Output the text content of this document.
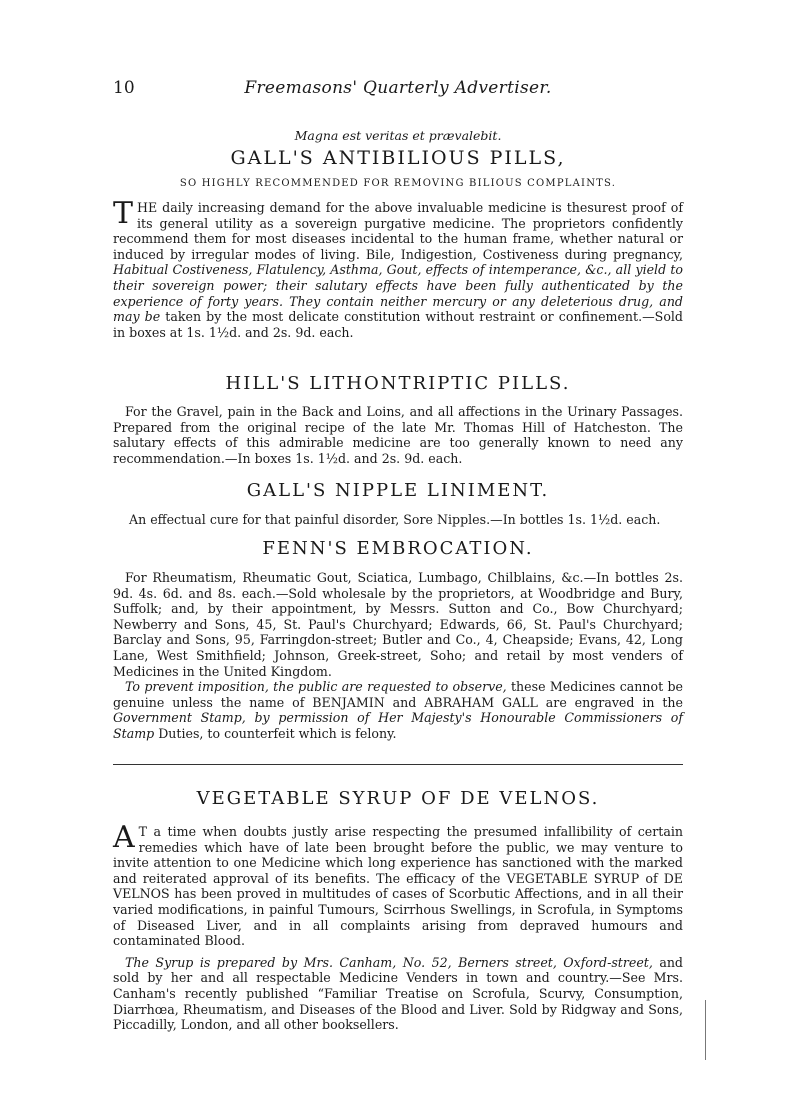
10	Freemasons' Quarterly Advertiser.
Magna est veritas et prævalebit.
GALL'S ANTIBILIOUS PILLS,
SO HIGHLY RECOMMENDED FOR REMOVING BILIOUS COMPLAINTS.

THE daily increasing demand for the above invaluable medicine is thesurest proof of its general utility as a sovereign purgative medicine. The proprietors confidently recommend them for most diseases incidental to the human frame, whether natural or induced by irregular modes of living. Bile, Indigestion, Costiveness during pregnancy, Habitual Costiveness, Flatulency, Asthma, Gout, effects of intemperance, &c., all yield to their sovereign power; their salutary effects have been fully authenticated by the experience of forty years. They contain neither mercury or any deleterious drug, and may be taken by the most delicate constitution without restraint or confinement.—Sold in boxes at 1s. 1½d. and 2s. 9d. each.

HILL'S LITHONTRIPTIC PILLS.

For the Gravel, pain in the Back and Loins, and all affections in the Urinary Passages. Prepared from the original recipe of the late Mr. Thomas Hill of Hatcheston. The salutary effects of this admirable medicine are too generally known to need any recommendation.—In boxes 1s. 1½d. and 2s. 9d. each.

GALL'S NIPPLE LINIMENT.

An effectual cure for that painful disorder, Sore Nipples.—In bottles 1s. 1½d. each.

FENN'S EMBROCATION.

For Rheumatism, Rheumatic Gout, Sciatica, Lumbago, Chilblains, &c.—In bottles 2s. 9d. 4s. 6d. and 8s. each.—Sold wholesale by the proprietors, at Woodbridge and Bury, Suffolk; and, by their appointment, by Messrs. Sutton and Co., Bow Churchyard; Newberry and Sons, 45, St. Paul's Churchyard; Edwards, 66, St. Paul's Churchyard; Barclay and Sons, 95, Farringdon-street; Butler and Co., 4, Cheapside; Evans, 42, Long Lane, West Smithfield; Johnson, Greek-street, Soho; and retail by most venders of Medicines in the United Kingdom.

To prevent imposition, the public are requested to observe, these Medicines cannot be genuine unless the name of BENJAMIN and ABRAHAM GALL are engraved in the Government Stamp, by permission of Her Majesty's Honourable Commissioners of Stamp Duties, to counterfeit which is felony.

VEGETABLE SYRUP OF DE VELNOS.

A T a time when doubts justly arise respecting the presumed infallibility of certain remedies which have of late been brought before the public, we may venture to invite attention to one Medicine which long experience has sanctioned with the marked and reiterated approval of its benefits. The efficacy of the VEGETABLE SYRUP of DE VELNOS has been proved in multitudes of cases of Scorbutic Affections, and in all their varied modifications, in painful Tumours, Scirrhous Swellings, in Scrofula, in Symptoms of Diseased Liver, and in all complaints arising from depraved humours and contaminated Blood.

The Syrup is prepared by Mrs. Canham, No. 52, Berners street, Oxford-street, and sold by her and all respectable Medicine Venders in town and country.—See Mrs. Canham's recently published “Familiar Treatise on Scrofula, Scurvy, Consumption, Diarrhœa, Rheumatism, and Diseases of the Blood and Liver. Sold by Ridgway and Sons, Piccadilly, London, and all other booksellers.
